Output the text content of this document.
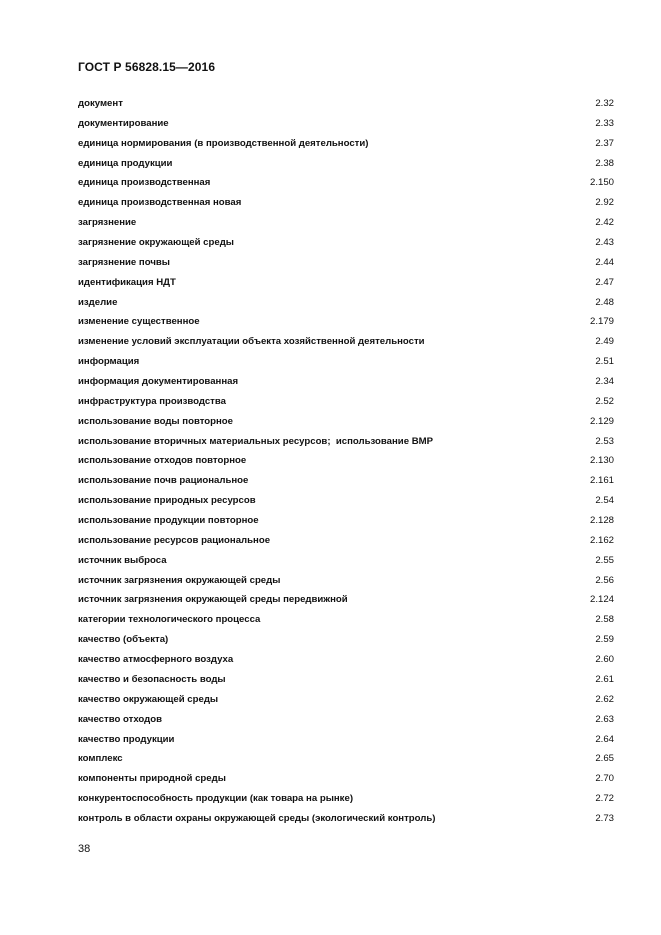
ГОСТ Р 56828.15—2016
документ	2.32
документирование	2.33
единица нормирования (в производственной деятельности)	2.37
единица продукции	2.38
единица производственная	2.150
единица производственная новая	2.92
загрязнение	2.42
загрязнение окружающей среды	2.43
загрязнение почвы	2.44
идентификация НДТ	2.47
изделие	2.48
изменение существенное	2.179
изменение условий эксплуатации объекта хозяйственной деятельности	2.49
информация	2.51
информация документированная	2.34
инфраструктура производства	2.52
использование воды повторное	2.129
использование вторичных материальных ресурсов;  использование ВМР	2.53
использование отходов повторное	2.130
использование почв рациональное	2.161
использование природных ресурсов	2.54
использование продукции повторное	2.128
использование ресурсов рациональное	2.162
источник выброса	2.55
источник загрязнения окружающей среды	2.56
источник загрязнения окружающей среды передвижной	2.124
категории технологического процесса	2.58
качество (объекта)	2.59
качество атмосферного воздуха	2.60
качество и безопасность воды	2.61
качество окружающей среды	2.62
качество отходов	2.63
качество продукции	2.64
комплекс	2.65
компоненты природной среды	2.70
конкурентоспособность продукции (как товара на рынке)	2.72
контроль в области охраны окружающей среды (экологический контроль)	2.73
38
